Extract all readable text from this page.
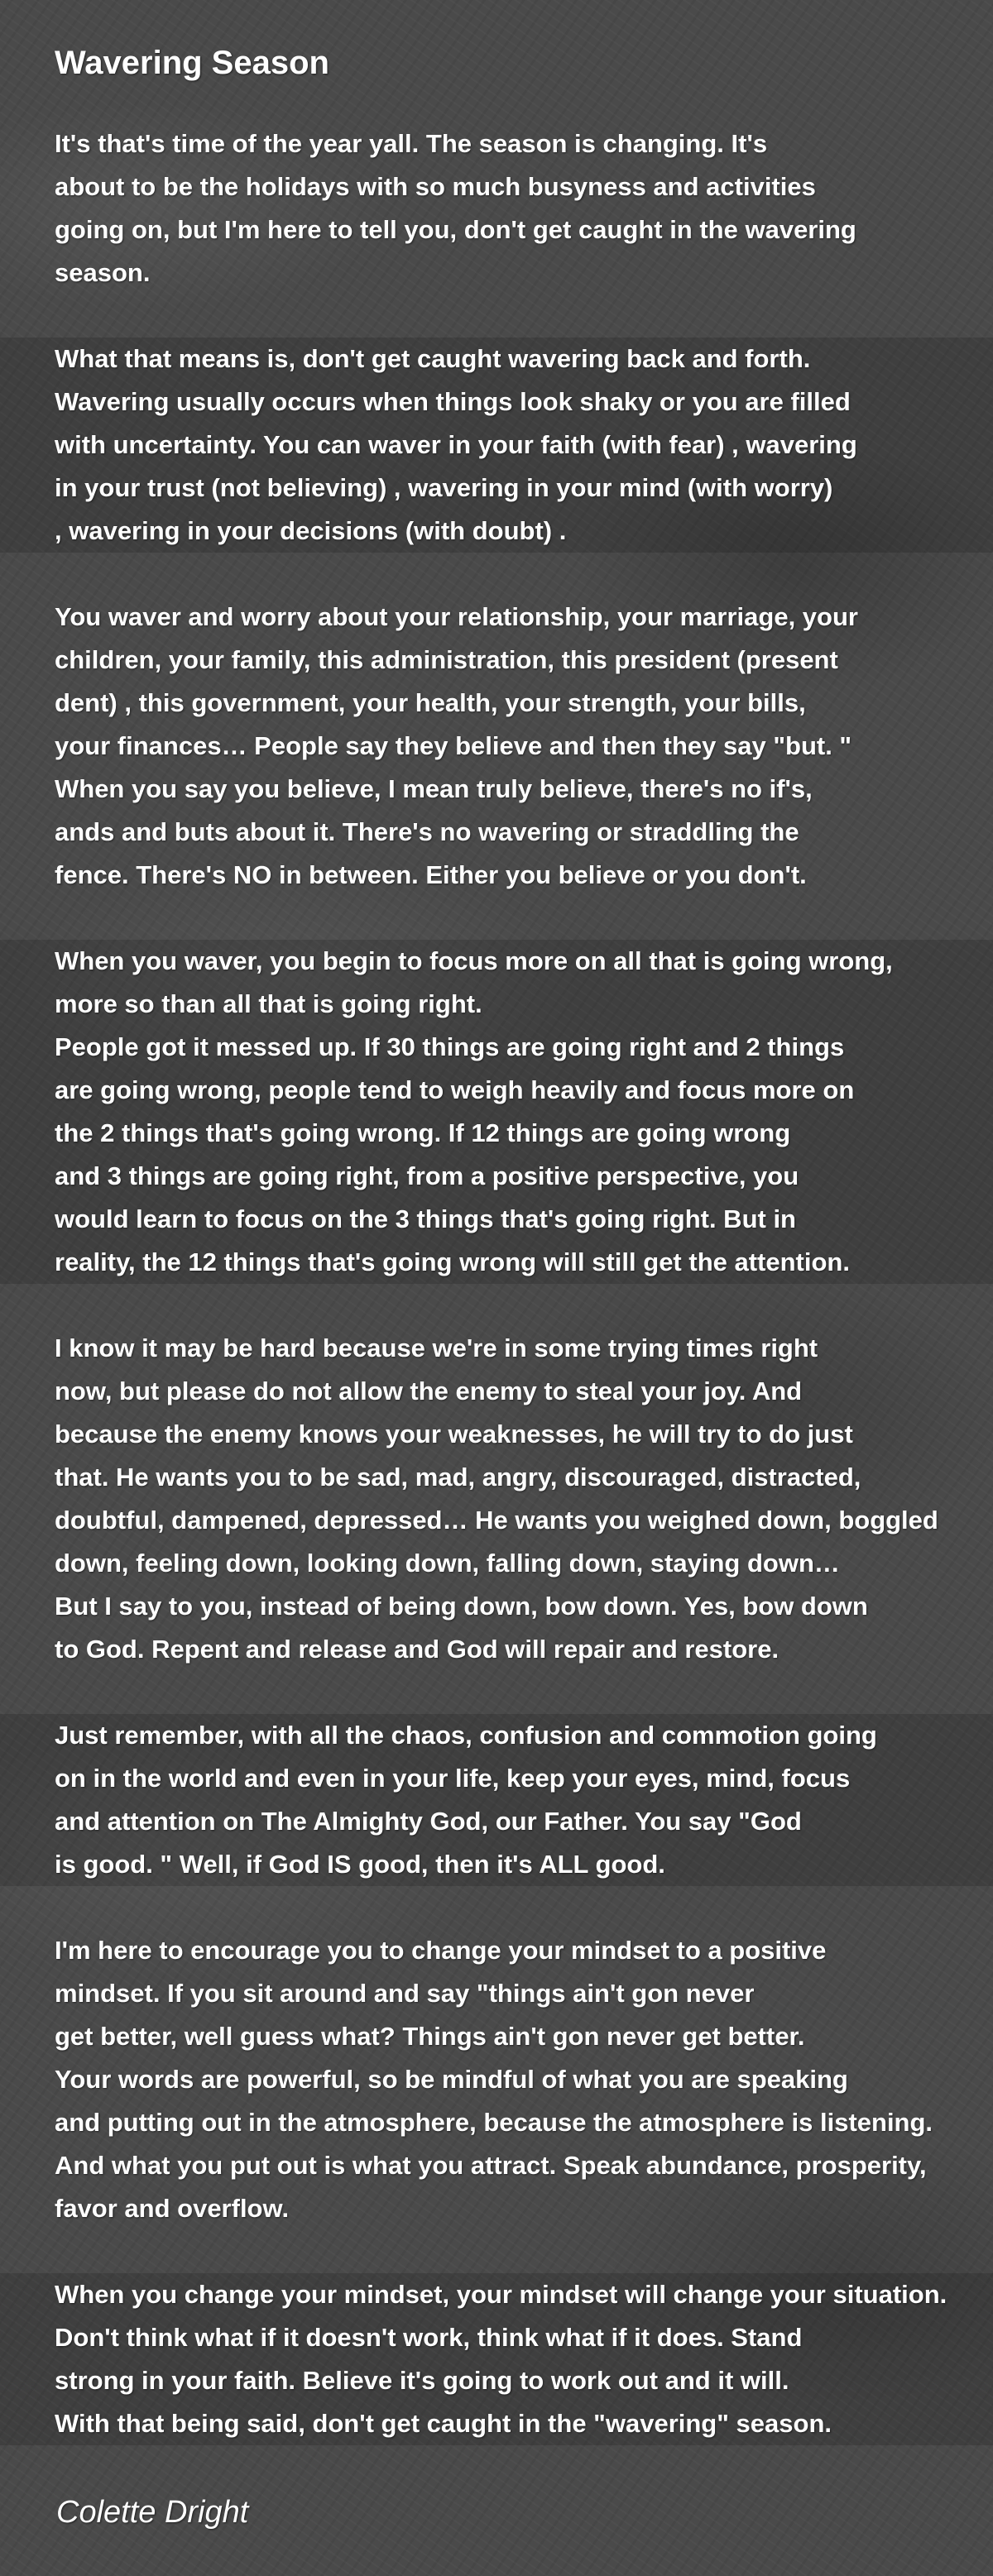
Wavering Season
It's that's time of the year yall. The season is changing. It's
about to be the holidays with so much busyness and activities
going on, but I'm here to tell you, don't get caught in the wavering
season.
What that means is, don't get caught wavering back and forth.
Wavering usually occurs when things look shaky or you are filled
with uncertainty. You can waver in your faith (with fear) , wavering
in your trust (not believing) , wavering in your mind (with worry)
, wavering in your decisions (with doubt) .
You waver and worry about your relationship, your marriage, your
children, your family, this administration, this president (present
dent) , this government, your health, your strength, your bills,
your finances… People say they believe and then they say "but. "
When you say you believe, I mean truly believe, there's no if's,
ands and buts about it. There's no wavering or straddling the
fence. There's NO in between. Either you believe or you don't.
When you waver, you begin to focus more on all that is going wrong,
more so than all that is going right.
People got it messed up. If 30 things are going right and 2 things
are going wrong, people tend to weigh heavily and focus more on
the 2 things that's going wrong. If 12 things are going wrong
and 3 things are going right, from a positive perspective, you
would learn to focus on the 3 things that's going right. But in
reality, the 12 things that's going wrong will still get the attention.
I know it may be hard because we're in some trying times right
now, but please do not allow the enemy to steal your joy. And
because the enemy knows your weaknesses, he will try to do just
that. He wants you to be sad, mad, angry, discouraged, distracted,
doubtful, dampened, depressed… He wants you weighed down, boggled
down, feeling down, looking down, falling down, staying down…
But I say to you, instead of being down, bow down. Yes, bow down
to God. Repent and release and God will repair and restore.
Just remember, with all the chaos, confusion and commotion going
on in the world and even in your life, keep your eyes, mind, focus
and attention on The Almighty God, our Father. You say "God
is good. " Well, if God IS good, then it's ALL good.
I'm here to encourage you to change your mindset to a positive
mindset. If you sit around and say "things ain't gon never
get better, well guess what? Things ain't gon never get better.
Your words are powerful, so be mindful of what you are speaking
and putting out in the atmosphere, because the atmosphere is listening.
And what you put out is what you attract. Speak abundance, prosperity,
favor and overflow.
When you change your mindset, your mindset will change your situation.
Don't think what if it doesn't work, think what if it does. Stand
strong in your faith. Believe it's going to work out and it will.
With that being said, don't get caught in the "wavering" season.
Colette Dright
